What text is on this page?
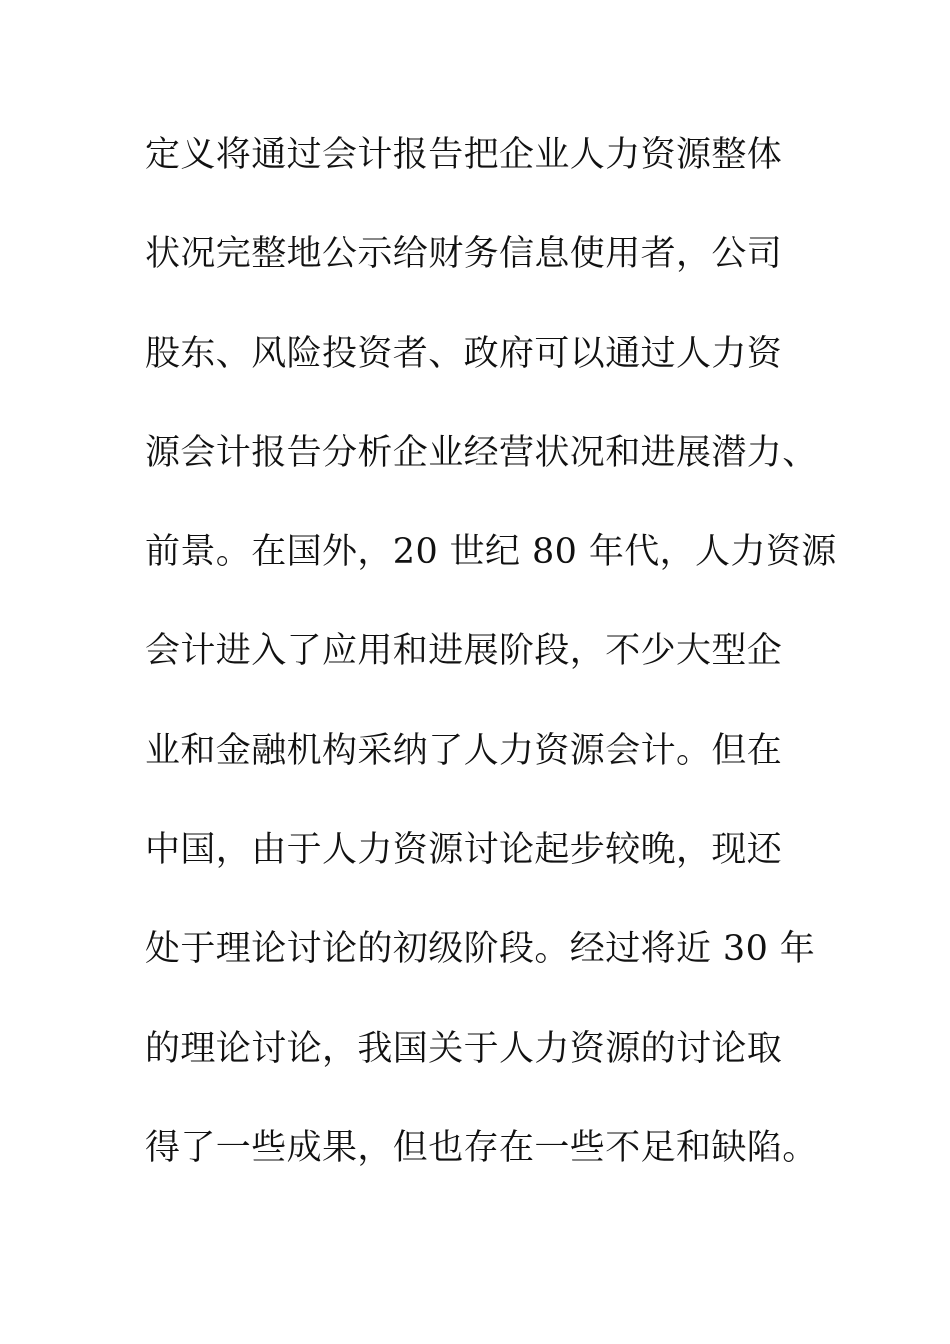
定义将通过会计报告把企业人力资源整体
状况完整地公示给财务信息使用者，公司
股东、风险投资者、政府可以通过人力资
源会计报告分析企业经营状况和进展潜力、
前景。在国外，20 世纪 80 年代，人力资源
会计进入了应用和进展阶段，不少大型企
业和金融机构采纳了人力资源会计。但在
中国，由于人力资源讨论起步较晚，现还
处于理论讨论的初级阶段。经过将近 30 年
的理论讨论，我国关于人力资源的讨论取
得了一些成果，但也存在一些不足和缺陷。
